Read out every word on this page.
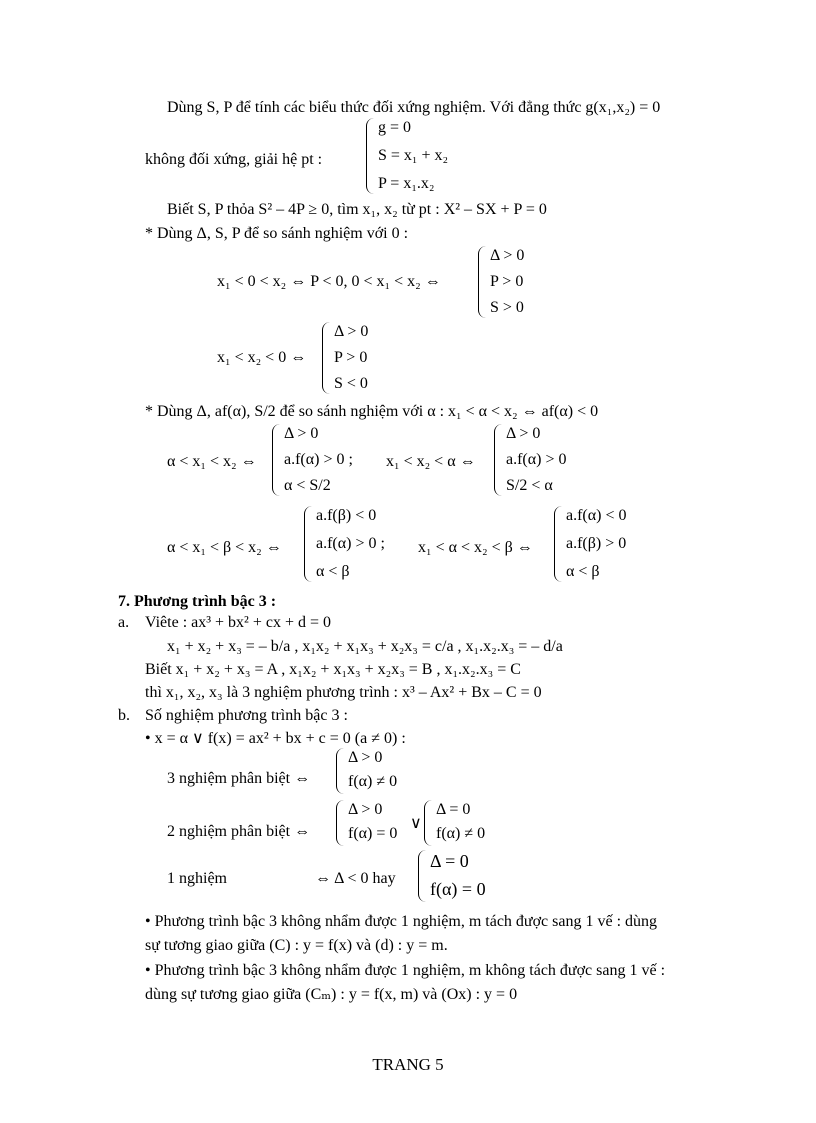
Dùng S, P để tính các biểu thức đối xứng nghiệm. Với đẳng thức g(x₁,x₂) = 0
không đối xứng, giải hệ pt :
g = 0
S = x₁ + x₂
P = x₁.x₂
Biết S, P thỏa S² – 4P ≥ 0, tìm x₁, x₂ từ pt : X² – SX + P = 0
* Dùng Δ, S, P để so sánh nghiệm với 0 :
x₁ < 0 < x₂ ⇔ P < 0, 0 < x₁ < x₂ ⇔
Δ > 0
P > 0
S > 0
x₁ < x₂ < 0 ⇔
Δ > 0
P > 0
S < 0
* Dùng Δ, af(α), S/2 để so sánh nghiệm với α : x₁ < α < x₂ ⇔ af(α) < 0
α < x₁ < x₂ ⇔
Δ > 0
a.f(α) > 0 ;
α < S/2
x₁ < x₂ < α ⇔
Δ > 0
a.f(α) > 0
S/2 < α
α < x₁ < β < x₂ ⇔
a.f(β) < 0
a.f(α) > 0 ;
α < β
x₁ < α < x₂ < β ⇔
a.f(α) < 0
a.f(β) > 0
α < β
7. Phương trình bậc 3 :
a. Viête : ax³ + bx² + cx + d = 0
x₁ + x₂ + x₃ = – b/a , x₁x₂ + x₁x₃ + x₂x₃ = c/a , x₁.x₂.x₃ = – d/a
Biết x₁ + x₂ + x₃ = A , x₁x₂ + x₁x₃ + x₂x₃ = B , x₁.x₂.x₃ = C
thì x₁, x₂, x₃ là 3 nghiệm phương trình : x³ – Ax² + Bx – C = 0
b. Số nghiệm phương trình bậc 3 :
• x = α ∨ f(x) = ax² + bx + c = 0 (a ≠ 0) :
3 nghiệm phân biệt ⇔
Δ > 0
f(α) ≠ 0
2 nghiệm phân biệt ⇔
Δ > 0
f(α) = 0
∨
Δ = 0
f(α) ≠ 0
1 nghiệm	⇔ Δ < 0 hay
Δ = 0
f(α) = 0
• Phương trình bậc 3 không nhẩm được 1 nghiệm, m tách được sang 1 vế : dùng
sự tương giao giữa (C) : y = f(x) và (d) : y = m.
• Phương trình bậc 3 không nhẩm được 1 nghiệm, m không tách được sang 1 vế :
dùng sự tương giao giữa (Cₘ) : y = f(x, m) và (Ox) : y = 0
TRANG 5
